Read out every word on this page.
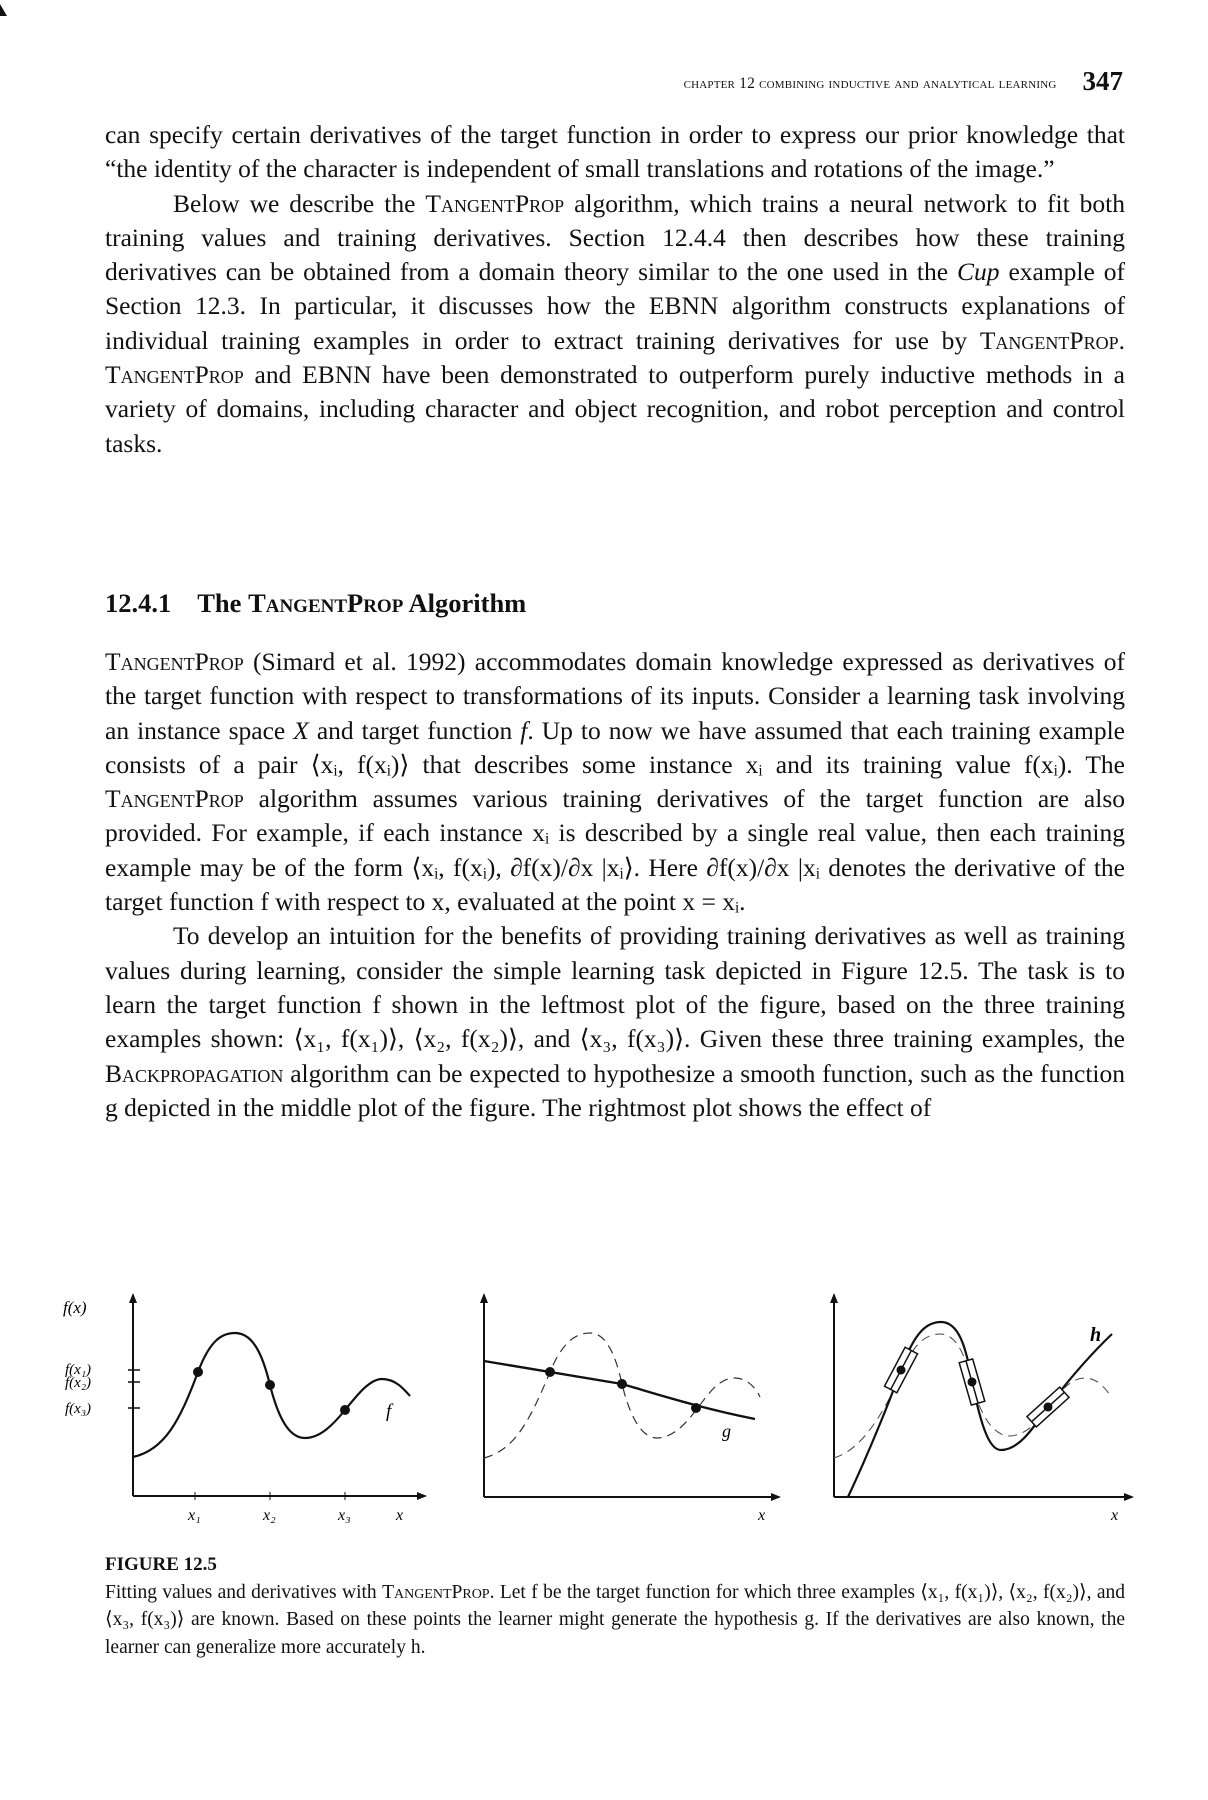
chapter 12 combining inductive and analytical learning 347

can specify certain derivatives of the target function in order to express our prior knowledge that “the identity of the character is independent of small translations and rotations of the image.”

Below we describe the TangentProp algorithm, which trains a neural network to fit both training values and training derivatives. Section 12.4.4 then describes how these training derivatives can be obtained from a domain theory similar to the one used in the Cup example of Section 12.3. In particular, it discusses how the EBNN algorithm constructs explanations of individual training examples in order to extract training derivatives for use by TangentProp. TangentProp and EBNN have been demonstrated to outperform purely inductive methods in a variety of domains, including character and object recognition, and robot perception and control tasks.

12.4.1 The TangentProp Algorithm

TangentProp (Simard et al. 1992) accommodates domain knowledge expressed as derivatives of the target function with respect to transformations of its inputs. Consider a learning task involving an instance space X and target function f. Up to now we have assumed that each training example consists of a pair ⟨xᵢ, f(xᵢ)⟩ that describes some instance xᵢ and its training value f(xᵢ). The TangentProp algorithm assumes various training derivatives of the target function are also provided. For example, if each instance xᵢ is described by a single real value, then each training example may be of the form ⟨xᵢ, f(xᵢ), ∂f(x)/∂x |xᵢ⟩. Here ∂f(x)/∂x |xᵢ denotes the derivative of the target function f with respect to x, evaluated at the point x = xᵢ.

To develop an intuition for the benefits of providing training derivatives as well as training values during learning, consider the simple learning task depicted in Figure 12.5. The task is to learn the target function f shown in the leftmost plot of the figure, based on the three training examples shown: ⟨x₁, f(x₁)⟩, ⟨x₂, f(x₂)⟩, and ⟨x₃, f(x₃)⟩. Given these three training examples, the Backpropagation algorithm can be expected to hypothesize a smooth function, such as the function g depicted in the middle plot of the figure. The rightmost plot shows the effect of

f(x)
f(x₁)
f(x₂)
f(x₃)
x₁	x₂	x₃	x
f
g
x
h
x
FIGURE 12.5
Fitting values and derivatives with TangentProp. Let f be the target function for which three examples ⟨x₁, f(x₁)⟩, ⟨x₂, f(x₂)⟩, and ⟨x₃, f(x₃)⟩ are known. Based on these points the learner might generate the hypothesis g. If the derivatives are also known, the learner can generalize more accurately h.
